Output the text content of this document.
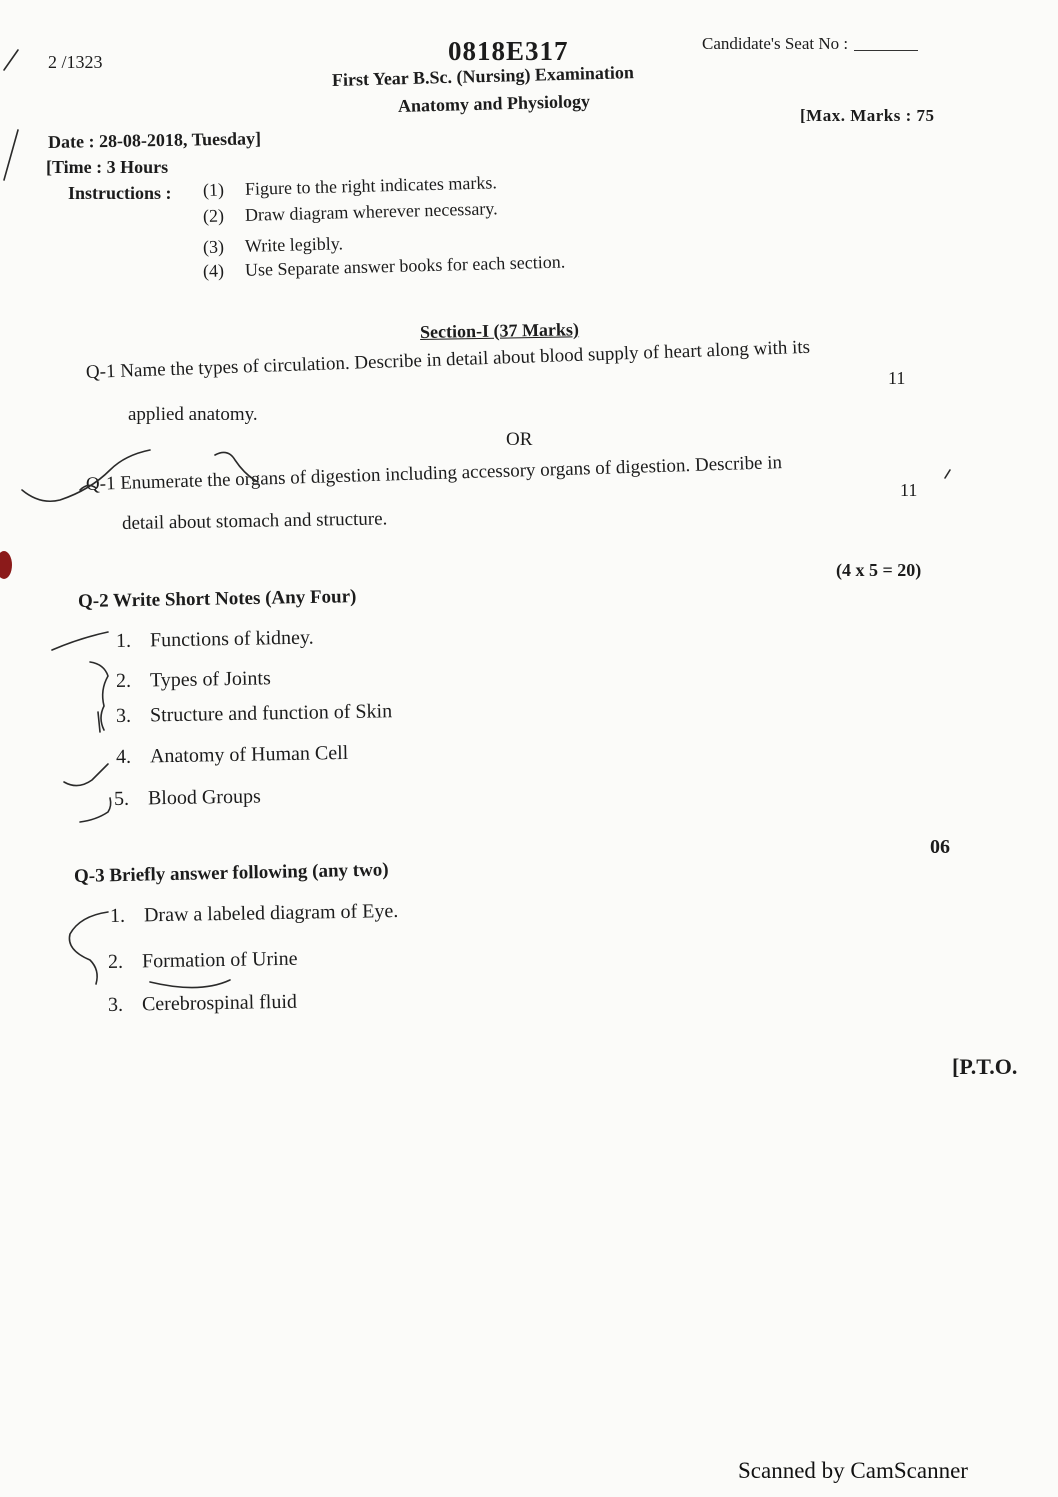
0818E317	Candidate's Seat No :
2 /1323
First Year B.Sc. (Nursing) Examination
Anatomy and Physiology	[Max. Marks : 75
Date : 28-08-2018, Tuesday]
[Time : 3 Hours
Instructions : (1) Figure to the right indicates marks.
(2) Draw diagram wherever necessary.
(3) Write legibly.
(4) Use Separate answer books for each section.
Section-I (37 Marks)
Q-1 Name the types of circulation. Describe in detail about blood supply of heart along with its	11
applied anatomy.
OR
Q-1 Enumerate the organs of digestion including accessory organs of digestion. Describe in	11
detail about stomach and structure.
(4 x 5 = 20)
Q-2 Write Short Notes (Any Four)
1. Functions of kidney.
2. Types of Joints
3. Structure and function of Skin
4. Anatomy of Human Cell
5. Blood Groups
06
Q-3 Briefly answer following (any two)
1. Draw a labeled diagram of Eye.
2. Formation of Urine
3. Cerebrospinal fluid
[P.T.O.
Scanned by CamScanner
